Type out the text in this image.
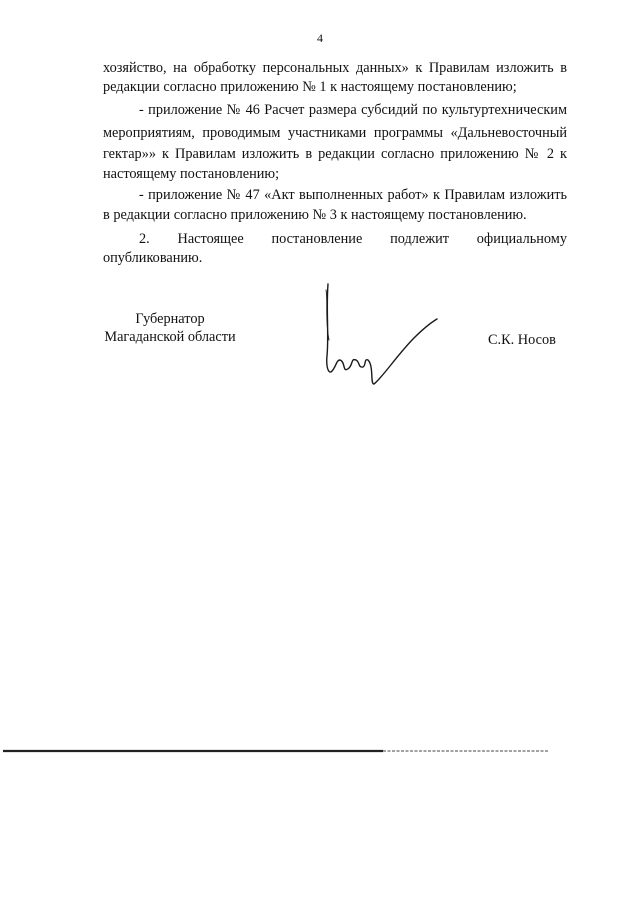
4
хозяйство, на обработку персональных данных» к Правилам изложить в
редакции согласно приложению № 1 к настоящему постановлению;
- приложение № 46 Расчет размера субсидий по культуртехническим
мероприятиям, проводимым участниками программы «Дальневосточный
гектар»» к Правилам изложить в редакции согласно приложению № 2 к
настоящему постановлению;
- приложение № 47 «Акт выполненных работ» к Правилам изложить
в редакции согласно приложению № 3 к настоящему постановлению.
2. Настоящее постановление подлежит официальному
опубликованию.
Губернатор
Магаданской области	С.К. Носов
